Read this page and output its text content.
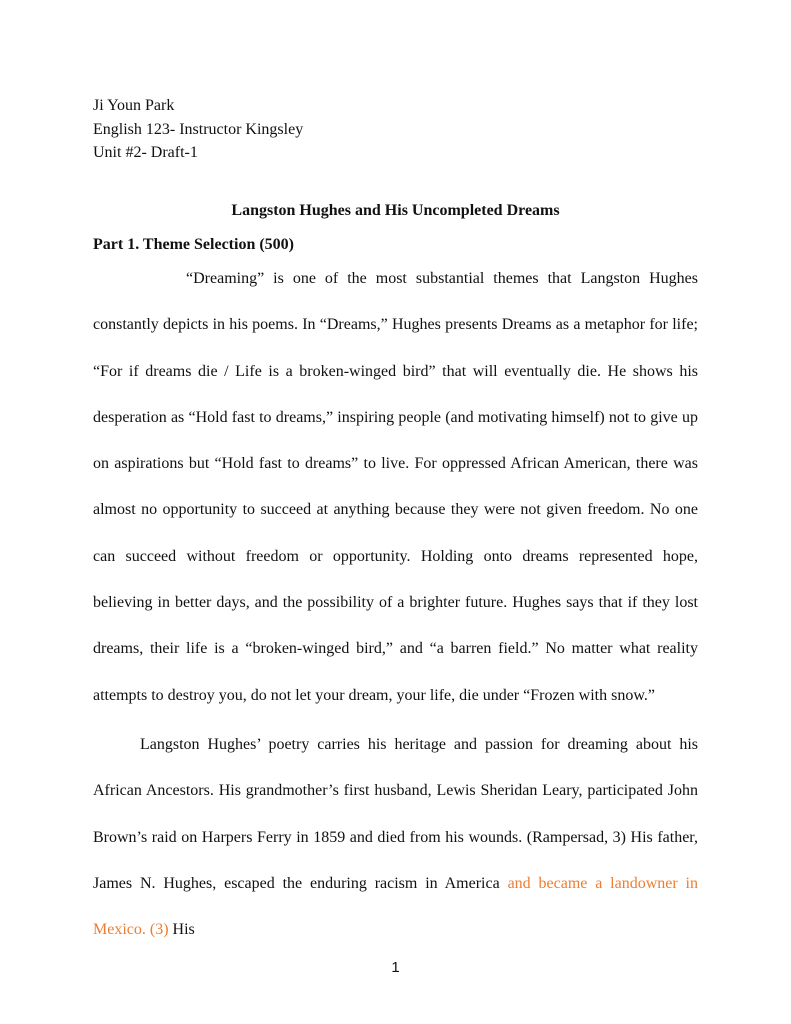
Ji Youn Park
English 123- Instructor Kingsley
Unit #2- Draft-1
Langston Hughes and His Uncompleted Dreams
Part 1. Theme Selection (500)

“Dreaming” is one of the most substantial themes that Langston Hughes constantly depicts in his poems. In “Dreams,” Hughes presents Dreams as a metaphor for life; “For if dreams die / Life is a broken-winged bird” that will eventually die. He shows his desperation as “Hold fast to dreams,” inspiring people (and motivating himself) not to give up on aspirations but “Hold fast to dreams” to live. For oppressed African American, there was almost no opportunity to succeed at anything because they were not given freedom. No one can succeed without freedom or opportunity. Holding onto dreams represented hope, believing in better days, and the possibility of a brighter future. Hughes says that if they lost dreams, their life is a “broken-winged bird,” and “a barren field.” No matter what reality attempts to destroy you, do not let your dream, your life, die under “Frozen with snow.”

Langston Hughes’ poetry carries his heritage and passion for dreaming about his African Ancestors. His grandmother’s first husband, Lewis Sheridan Leary, participated John Brown’s raid on Harpers Ferry in 1859 and died from his wounds. (Rampersad, 3) His father, James N. Hughes, escaped the enduring racism in America and became a landowner in Mexico. (3) His

1
